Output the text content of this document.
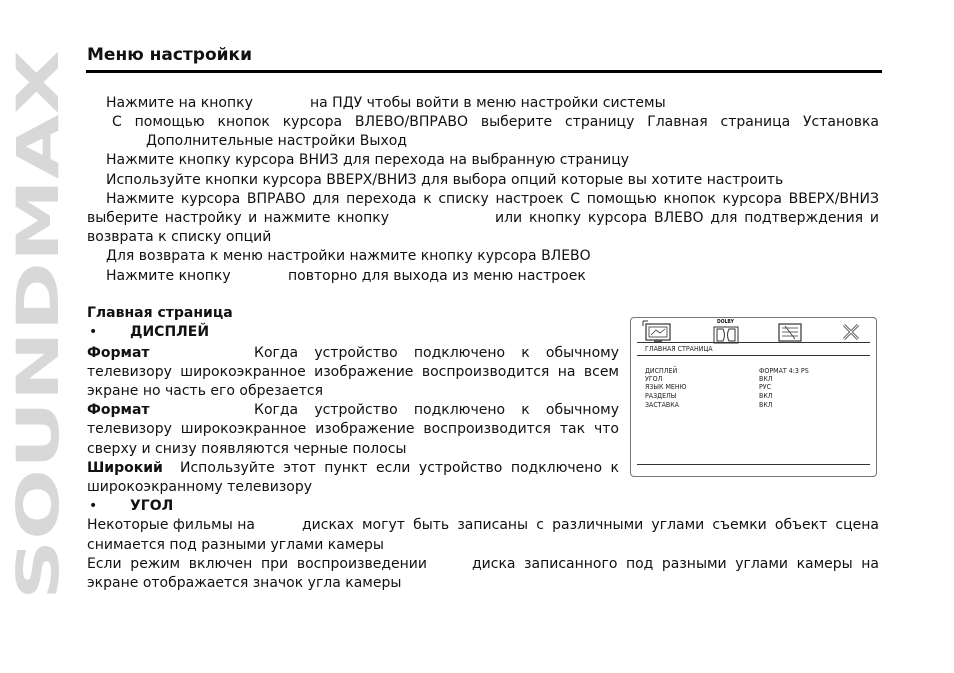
SOUNDMAX
Меню настройки
Нажмите на кнопку	на ПДУ чтобы войти в меню настройки системы
С помощью кнопок курсора ВЛЕВО/ВПРАВО выберите страницу Главная страница Установка
Дополнительные настройки Выход
Нажмите кнопку курсора ВНИЗ для перехода на выбранную страницу
Используйте кнопки курсора ВВЕРХ/ВНИЗ для выбора опций которые вы хотите настроить
Нажмите курсора ВПРАВО для перехода к списку настроек С помощью кнопок курсора ВВЕРХ/ВНИЗ
выберите настройку и нажмите кнопку	или кнопку курсора ВЛЕВО для подтверждения и
возврата к списку опций
Для возврата к меню настройки нажмите кнопку курсора ВЛЕВО
Нажмите кнопку	повторно для выхода из меню настроек
Главная страница
• ДИСПЛЕЙ
Формат	Когда устройство подключено к обычному
телевизору широкоэкранное изображение воспроизводится на всем
экране но часть его обрезается
Формат	Когда устройство подключено к обычному
телевизору широкоэкранное изображение воспроизводится так что
сверху и снизу появляются черные полосы
Широкий Используйте этот пункт если устройство подключено к
широкоэкранному телевизору
• УГОЛ
Некоторые фильмы на	дисках могут быть записаны с различными углами съемки объект сцена
снимается под разными углами камеры
Если режим включен при воспроизведении	диска записанного под разными углами камеры на
экране отображается значок угла камеры
DOLBY
ГЛАВНАЯ СТРАНИЦА
ДИСПЛЕЙ	ФОРМАТ 4:3 PS
УГОЛ	ВКЛ
ЯЗЫК МЕНЮ	РУС
РАЗДЕЛЫ	ВКЛ
ЗАСТАВКА	ВКЛ
